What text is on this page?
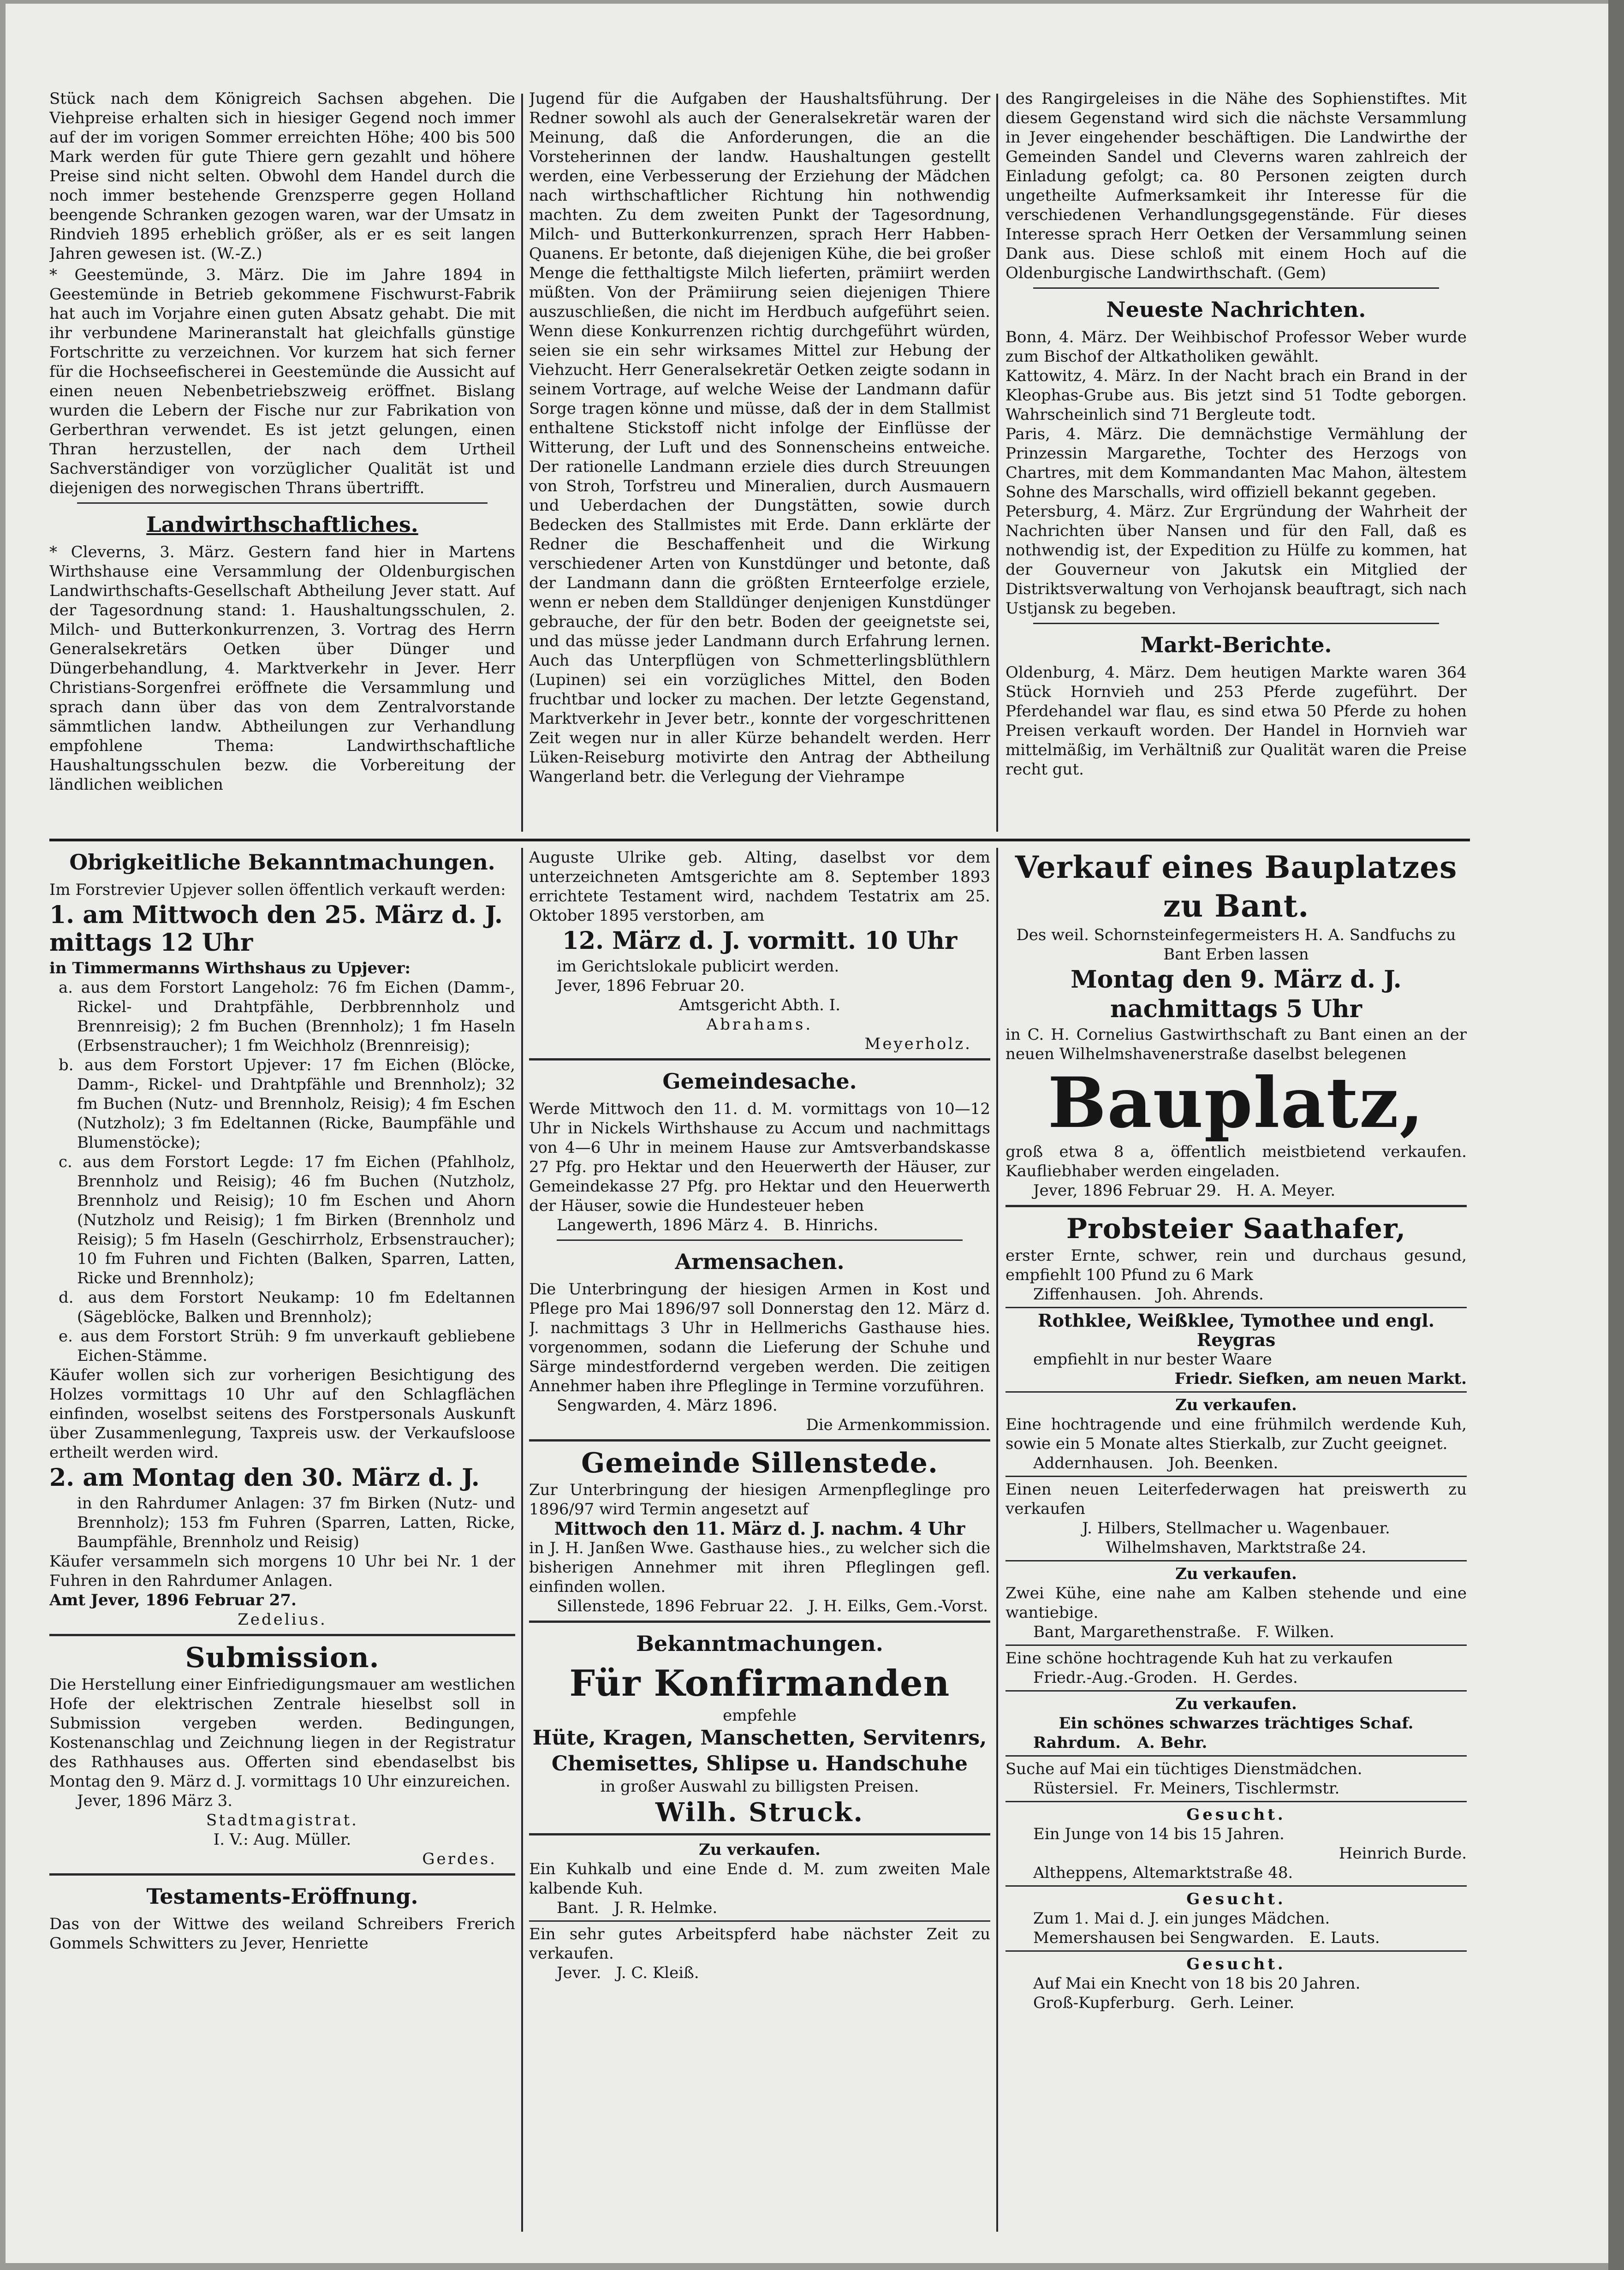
Stück nach dem Königreich Sachsen abgehen. Die Viehpreise erhalten sich in hiesiger Gegend noch immer auf der im vorigen Sommer erreichten Höhe; 400 bis 500 Mark werden für gute Thiere gern gezahlt und höhere Preise sind nicht selten. Obwohl dem Handel durch die noch immer bestehende Grenzsperre gegen Holland beengende Schranken gezogen waren, war der Umsatz in Rindvieh 1895 erheblich größer, als er es seit langen Jahren gewesen ist. (W.-Z.)

* Geestemünde, 3. März. Die im Jahre 1894 in Geestemünde in Betrieb gekommene Fischwurst-Fabrik hat auch im Vorjahre einen guten Absatz gehabt. Die mit ihr verbundene Marineranstalt hat gleichfalls günstige Fortschritte zu verzeichnen. Vor kurzem hat sich ferner für die Hochseefischerei in Geestemünde die Aussicht auf einen neuen Nebenbetriebszweig eröffnet. Bislang wurden die Lebern der Fische nur zur Fabrikation von Gerberthran verwendet. Es ist jetzt gelungen, einen Thran herzustellen, der nach dem Urtheil Sachverständiger von vorzüglicher Qualität ist und diejenigen des norwegischen Thrans übertrifft.

Landwirthschaftliches.

* Cleverns, 3. März. Gestern fand hier in Martens Wirthshause eine Versammlung der Oldenburgischen Landwirthschafts-Gesellschaft Abtheilung Jever statt. Auf der Tagesordnung stand: 1. Haushaltungsschulen, 2. Milch- und Butterkonkurrenzen, 3. Vortrag des Herrn Generalsekretärs Oetken über Dünger und Düngerbehandlung, 4. Marktverkehr in Jever. Herr Christians-Sorgenfrei eröffnete die Versammlung und sprach dann über das von dem Zentralvorstande sämmtlichen landw. Abtheilungen zur Verhandlung empfohlene Thema: Landwirthschaftliche Haushaltungsschulen bezw. die Vorbereitung der ländlichen weiblichen

Jugend für die Aufgaben der Haushaltsführung. Der Redner sowohl als auch der Generalsekretär waren der Meinung, daß die Anforderungen, die an die Vorsteherinnen der landw. Haushaltungen gestellt werden, eine Verbesserung der Erziehung der Mädchen nach wirthschaftlicher Richtung hin nothwendig machten. Zu dem zweiten Punkt der Tagesordnung, Milch- und Butterkonkurrenzen, sprach Herr Habben-Quanens. Er betonte, daß diejenigen Kühe, die bei großer Menge die fetthaltigste Milch lieferten, prämiirt werden müßten. Von der Prämiirung seien diejenigen Thiere auszuschließen, die nicht im Herdbuch aufgeführt seien. Wenn diese Konkurrenzen richtig durchgeführt würden, seien sie ein sehr wirksames Mittel zur Hebung der Viehzucht. Herr Generalsekretär Oetken zeigte sodann in seinem Vortrage, auf welche Weise der Landmann dafür Sorge tragen könne und müsse, daß der in dem Stallmist enthaltene Stickstoff nicht infolge der Einflüsse der Witterung, der Luft und des Sonnenscheins entweiche. Der rationelle Landmann erziele dies durch Streuungen von Stroh, Torfstreu und Mineralien, durch Ausmauern und Ueberdachen der Dungstätten, sowie durch Bedecken des Stallmistes mit Erde. Dann erklärte der Redner die Beschaffenheit und die Wirkung verschiedener Arten von Kunstdünger und betonte, daß der Landmann dann die größten Ernteerfolge erziele, wenn er neben dem Stalldünger denjenigen Kunstdünger gebrauche, der für den betr. Boden der geeignetste sei, und das müsse jeder Landmann durch Erfahrung lernen. Auch das Unterpflügen von Schmetterlingsblüthlern (Lupinen) sei ein vorzügliches Mittel, den Boden fruchtbar und locker zu machen. Der letzte Gegenstand, Marktverkehr in Jever betr., konnte der vorgeschrittenen Zeit wegen nur in aller Kürze behandelt werden. Herr Lüken-Reiseburg motivirte den Antrag der Abtheilung Wangerland betr. die Verlegung der Viehrampe

des Rangirgeleises in die Nähe des Sophienstiftes. Mit diesem Gegenstand wird sich die nächste Versammlung in Jever eingehender beschäftigen. Die Landwirthe der Gemeinden Sandel und Cleverns waren zahlreich der Einladung gefolgt; ca. 80 Personen zeigten durch ungetheilte Aufmerksamkeit ihr Interesse für die verschiedenen Verhandlungsgegenstände. Für dieses Interesse sprach Herr Oetken der Versammlung seinen Dank aus. Diese schloß mit einem Hoch auf die Oldenburgische Landwirthschaft. (Gem)

Neueste Nachrichten.

Bonn, 4. März. Der Weihbischof Professor Weber wurde zum Bischof der Altkatholiken gewählt.

Kattowitz, 4. März. In der Nacht brach ein Brand in der Kleophas-Grube aus. Bis jetzt sind 51 Todte geborgen. Wahrscheinlich sind 71 Bergleute todt.

Paris, 4. März. Die demnächstige Vermählung der Prinzessin Margarethe, Tochter des Herzogs von Chartres, mit dem Kommandanten Mac Mahon, ältestem Sohne des Marschalls, wird offiziell bekannt gegeben.

Petersburg, 4. März. Zur Ergründung der Wahrheit der Nachrichten über Nansen und für den Fall, daß es nothwendig ist, der Expedition zu Hülfe zu kommen, hat der Gouverneur von Jakutsk ein Mitglied der Distriktsverwaltung von Verhojansk beauftragt, sich nach Ustjansk zu begeben.

Markt-Berichte.

Oldenburg, 4. März. Dem heutigen Markte waren 364 Stück Hornvieh und 253 Pferde zugeführt. Der Pferdehandel war flau, es sind etwa 50 Pferde zu hohen Preisen verkauft worden. Der Handel in Hornvieh war mittelmäßig, im Verhältniß zur Qualität waren die Preise recht gut.

Obrigkeitliche Bekanntmachungen.

Im Forstrevier Upjever sollen öffentlich verkauft werden:

1. am Mittwoch den 25. März d. J. mittags 12 Uhr

in Timmermanns Wirthshaus zu Upjever:

a. aus dem Forstort Langeholz: 76 fm Eichen (Damm-, Rickel- und Drahtpfähle, Derbbrennholz und Brennreisig); 2 fm Buchen (Brennholz); 1 fm Haseln (Erbsenstraucher); 1 fm Weichholz (Brennreisig);

b. aus dem Forstort Upjever: 17 fm Eichen (Blöcke, Damm-, Rickel- und Drahtpfähle und Brennholz); 32 fm Buchen (Nutz- und Brennholz, Reisig); 4 fm Eschen (Nutzholz); 3 fm Edeltannen (Ricke, Baumpfähle und Blumenstöcke);

c. aus dem Forstort Legde: 17 fm Eichen (Pfahlholz, Brennholz und Reisig); 46 fm Buchen (Nutzholz, Brennholz und Reisig); 10 fm Eschen und Ahorn (Nutzholz und Reisig); 1 fm Birken (Brennholz und Reisig); 5 fm Haseln (Geschirrholz, Erbsenstraucher); 10 fm Fuhren und Fichten (Balken, Sparren, Latten, Ricke und Brennholz);

d. aus dem Forstort Neukamp: 10 fm Edeltannen (Sägeblöcke, Balken und Brennholz);

e. aus dem Forstort Strüh: 9 fm unverkauft gebliebene Eichen-Stämme.

Käufer wollen sich zur vorherigen Besichtigung des Holzes vormittags 10 Uhr auf den Schlagflächen einfinden, woselbst seitens des Forstpersonals Auskunft über Zusammenlegung, Taxpreis usw. der Verkaufsloose ertheilt werden wird.

2. am Montag den 30. März d. J.

in den Rahrdumer Anlagen: 37 fm Birken (Nutz- und Brennholz); 153 fm Fuhren (Sparren, Latten, Ricke, Baumpfähle, Brennholz und Reisig)

Käufer versammeln sich morgens 10 Uhr bei Nr. 1 der Fuhren in den Rahrdumer Anlagen.

Amt Jever, 1896 Februar 27.

Zedelius.

Submission.

Die Herstellung einer Einfriedigungsmauer am westlichen Hofe der elektrischen Zentrale hieselbst soll in Submission vergeben werden. Bedingungen, Kostenanschlag und Zeichnung liegen in der Registratur des Rathhauses aus. Offerten sind ebendaselbst bis Montag den 9. März d. J. vormittags 10 Uhr einzureichen.

Jever, 1896 März 3.

Stadtmagistrat.

I. V.: Aug. Müller.

Gerdes.

Testaments-Eröffnung.

Das von der Wittwe des weiland Schreibers Frerich Gommels Schwitters zu Jever, Henriette

Auguste Ulrike geb. Alting, daselbst vor dem unterzeichneten Amtsgerichte am 8. September 1893 errichtete Testament wird, nachdem Testatrix am 25. Oktober 1895 verstorben, am

12. März d. J. vormitt. 10 Uhr

im Gerichtslokale publicirt werden.

Jever, 1896 Februar 20.

Amtsgericht Abth. I.

Abrahams.

Meyerholz.

Gemeindesache.

Werde Mittwoch den 11. d. M. vormittags von 10—12 Uhr in Nickels Wirthshause zu Accum und nachmittags von 4—6 Uhr in meinem Hause zur Amtsverbandskasse 27 Pfg. pro Hektar und den Heuerwerth der Häuser, zur Gemeindekasse 27 Pfg. pro Hektar und den Heuerwerth der Häuser, sowie die Hundesteuer heben

Langewerth, 1896 März 4.   B. Hinrichs.

Armensachen.

Die Unterbringung der hiesigen Armen in Kost und Pflege pro Mai 1896/97 soll Donnerstag den 12. März d. J. nachmittags 3 Uhr in Hellmerichs Gasthause hies. vorgenommen, sodann die Lieferung der Schuhe und Särge mindestfordernd vergeben werden. Die zeitigen Annehmer haben ihre Pfleglinge in Termine vorzuführen.

Sengwarden, 4. März 1896.

Die Armenkommission.

Gemeinde Sillenstede.

Zur Unterbringung der hiesigen Armenpfleglinge pro 1896/97 wird Termin angesetzt auf

Mittwoch den 11. März d. J. nachm. 4 Uhr

in J. H. Janßen Wwe. Gasthause hies., zu welcher sich die bisherigen Annehmer mit ihren Pfleglingen gefl. einfinden wollen.

Sillenstede, 1896 Februar 22.   J. H. Eilks, Gem.-Vorst.

Bekanntmachungen.
Für Konfirmanden

empfehle

Hüte, Kragen, Manschetten, Servitenrs, Chemisettes, Shlipse u. Handschuhe

in großer Auswahl zu billigsten Preisen.

Wilh. Struck.

Zu verkaufen.

Ein Kuhkalb und eine Ende d. M. zum zweiten Male kalbende Kuh.

Bant.   J. R. Helmke.

Ein sehr gutes Arbeitspferd habe nächster Zeit zu verkaufen.

Jever.   J. C. Kleiß.

Verkauf eines Bauplatzes
zu Bant.

Des weil. Schornsteinfegermeisters H. A. Sandfuchs zu Bant Erben lassen

Montag den 9. März d. J.
nachmittags 5 Uhr

in C. H. Cornelius Gastwirthschaft zu Bant einen an der neuen Wilhelmshavenerstraße daselbst belegenen

Bauplatz,

groß etwa 8 a, öffentlich meistbietend verkaufen. Kaufliebhaber werden eingeladen.

Jever, 1896 Februar 29.   H. A. Meyer.

Probsteier Saathafer,

erster Ernte, schwer, rein und durchaus gesund, empfiehlt 100 Pfund zu 6 Mark

Ziffenhausen.   Joh. Ahrends.

Rothklee, Weißklee, Tymothee und engl. Reygras

empfiehlt in nur bester Waare

Friedr. Siefken, am neuen Markt.

Zu verkaufen.

Eine hochtragende und eine frühmilch werdende Kuh, sowie ein 5 Monate altes Stierkalb, zur Zucht geeignet.

Addernhausen.   Joh. Beenken.

Einen neuen Leiterfederwagen hat preiswerth zu verkaufen

J. Hilbers, Stellmacher u. Wagenbauer.

Wilhelmshaven, Marktstraße 24.

Zu verkaufen.

Zwei Kühe, eine nahe am Kalben stehende und eine wantiebige.

Bant, Margarethenstraße.   F. Wilken.

Eine schöne hochtragende Kuh hat zu verkaufen

Friedr.-Aug.-Groden.   H. Gerdes.

Zu verkaufen.

Ein schönes schwarzes trächtiges Schaf.

Rahrdum.   A. Behr.

Suche auf Mai ein tüchtiges Dienstmädchen.

Rüstersiel.   Fr. Meiners, Tischlermstr.

Gesucht.

Ein Junge von 14 bis 15 Jahren.

Heinrich Burde.

Altheppens, Altemarktstraße 48.

Gesucht.

Zum 1. Mai d. J. ein junges Mädchen.

Memershausen bei Sengwarden.   E. Lauts.

Gesucht.

Auf Mai ein Knecht von 18 bis 20 Jahren.

Groß-Kupferburg.   Gerh. Leiner.
